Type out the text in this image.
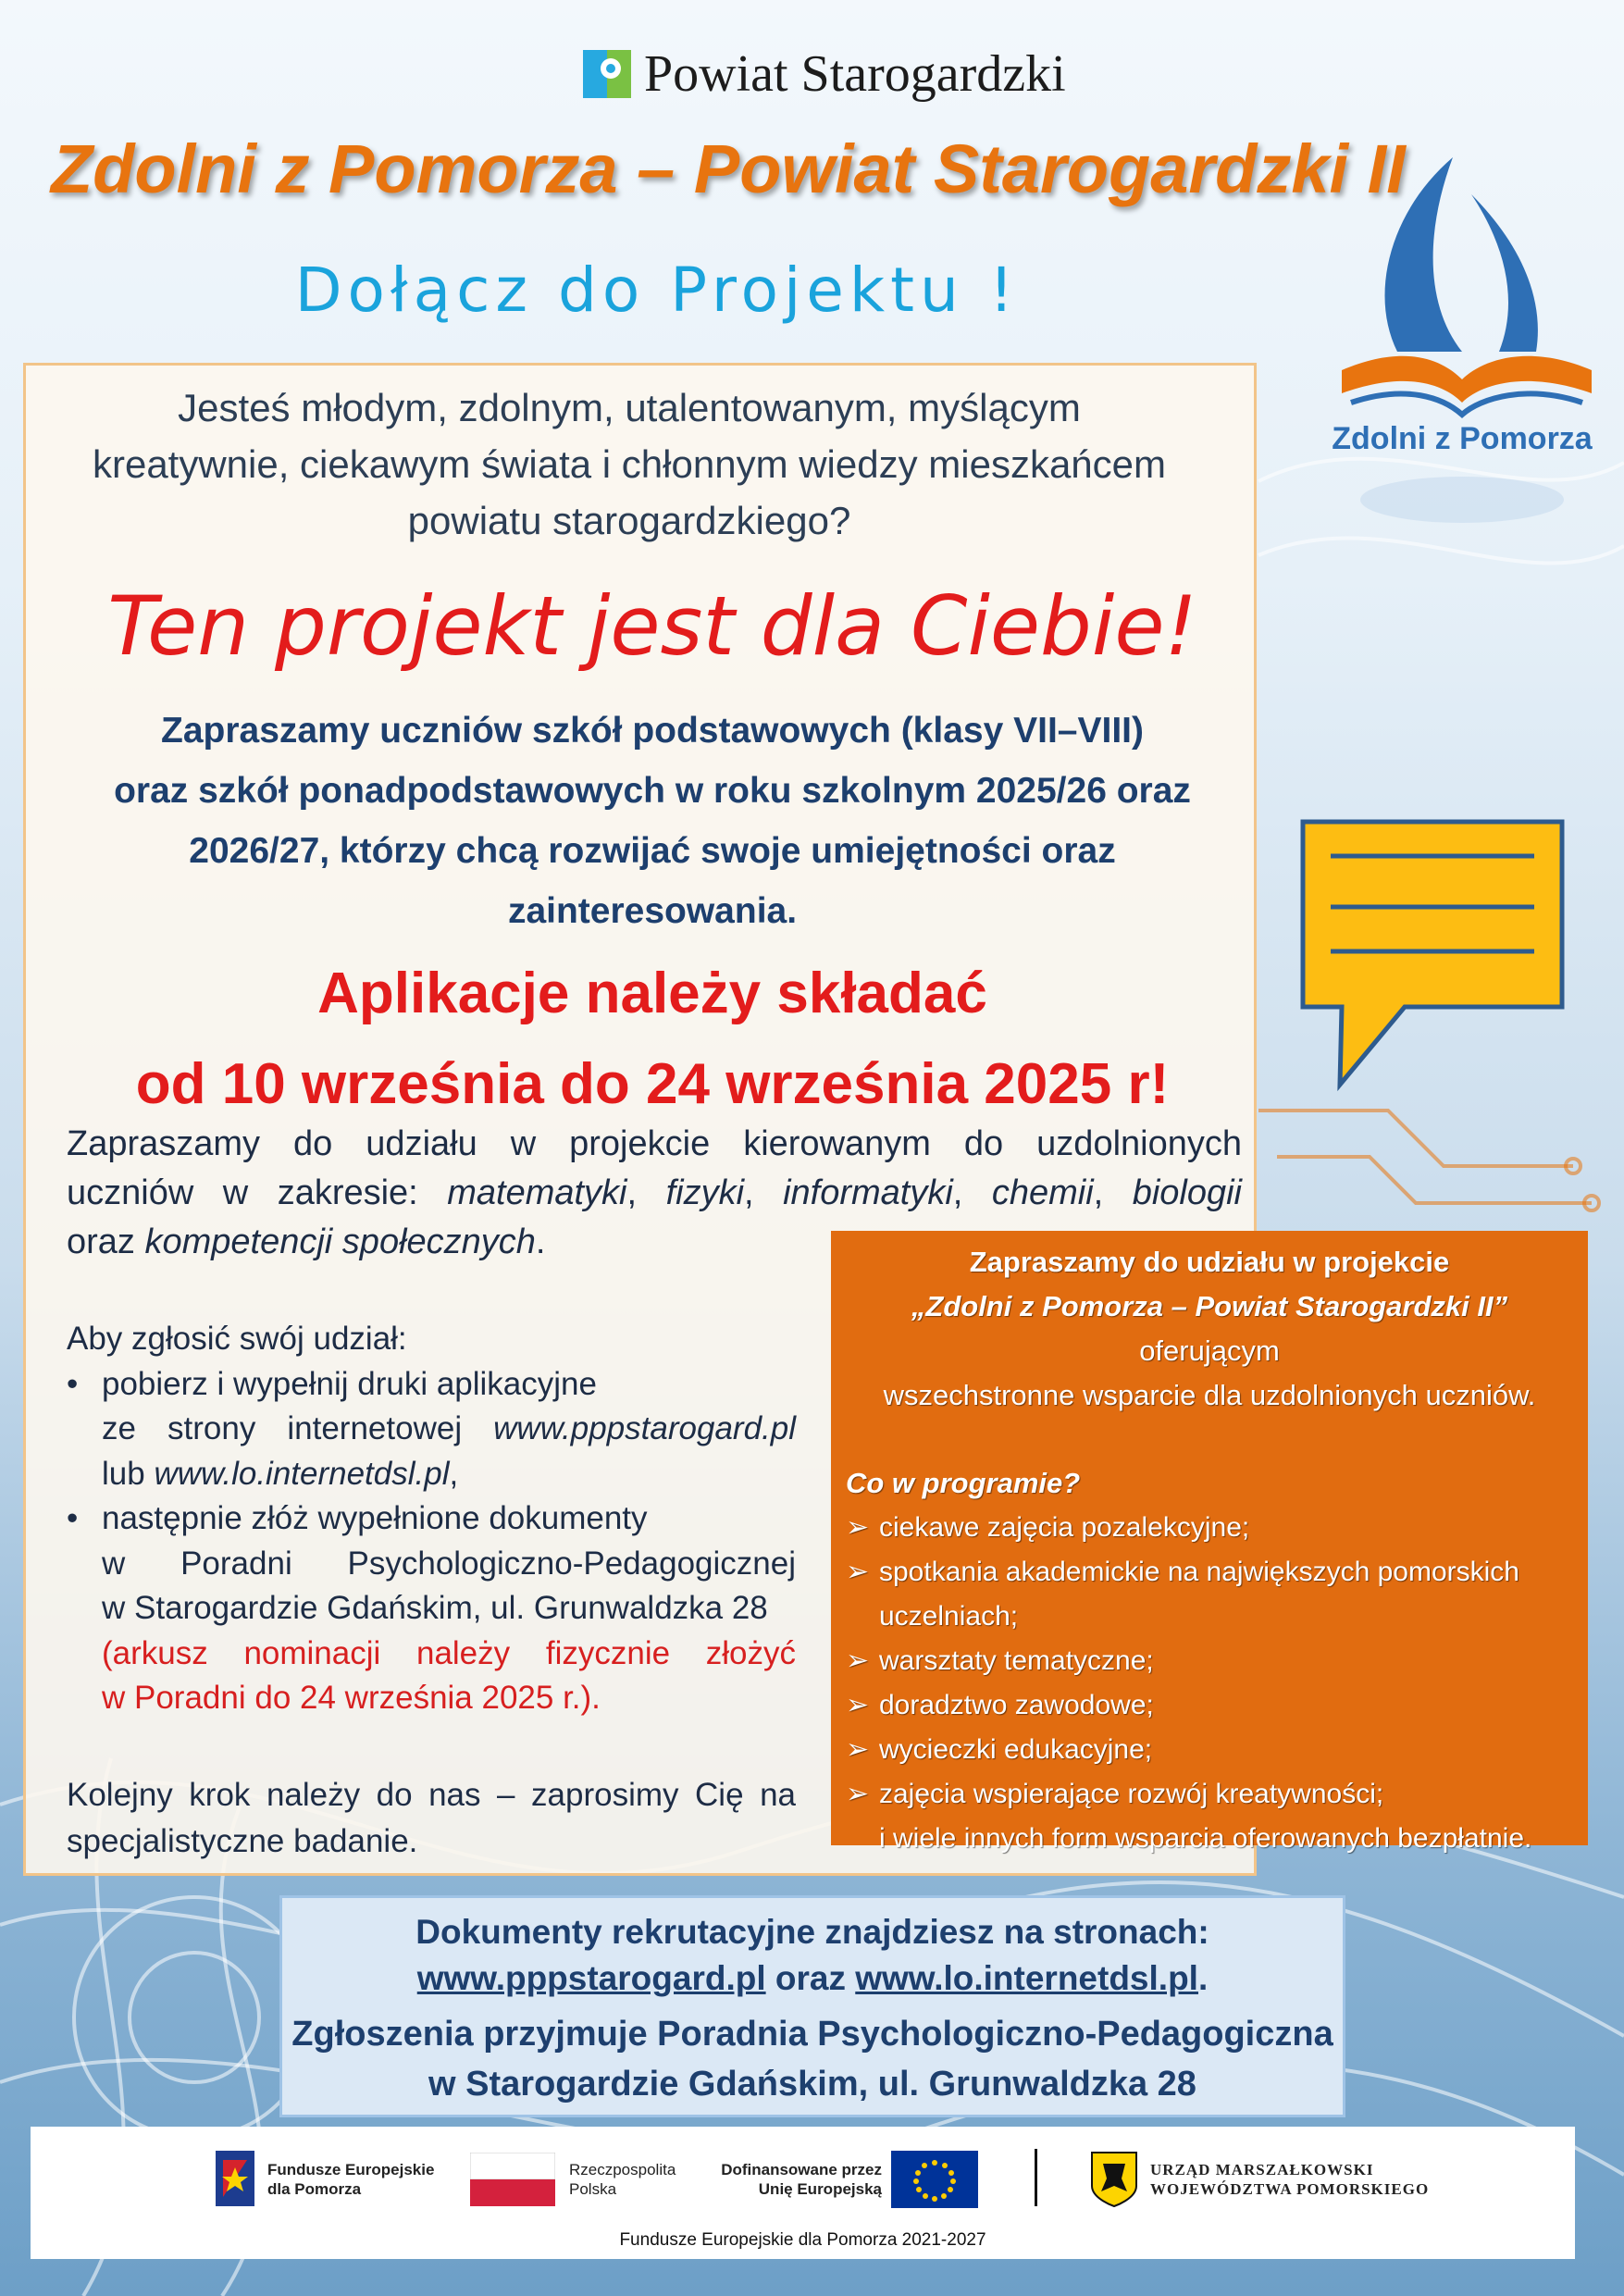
Powiat Starogardzki
Zdolni z Pomorza – Powiat Starogardzki II
Dołącz do Projektu !
Zdolni z Pomorza
Jesteś młodym, zdolnym, utalentowanym, myślącym
kreatywnie, ciekawym świata i chłonnym wiedzy mieszkańcem
powiatu starogardzkiego?
Ten projekt jest dla Ciebie!
Zapraszamy uczniów szkół podstawowych (klasy VII–VIII)
oraz szkół ponadpodstawowych w roku szkolnym 2025/26 oraz
2026/27, którzy chcą rozwijać swoje umiejętności oraz
zainteresowania.
Aplikacje należy składać
od 10 września do 24 września 2025 r!
Zapraszamy do udziału w projekcie kierowanym do uzdolnionych
uczniów w zakresie: matematyki, fizyki, informatyki, chemii, biologii
oraz kompetencji społecznych.
Aby zgłosić swój udział:
• pobierz i wypełnij druki aplikacyjne
ze strony internetowej www.pppstarogard.pl
lub www.lo.internetdsl.pl,
• następnie złóż wypełnione dokumenty
w Poradni Psychologiczno-Pedagogicznej
w Starogardzie Gdańskim, ul. Grunwaldzka 28
(arkusz nominacji należy fizycznie złożyć
w Poradni do 24 września 2025 r.).
Kolejny krok należy do nas – zaprosimy Cię na
specjalistyczne badanie.
Zapraszamy do udziału w projekcie
„Zdolni z Pomorza – Powiat Starogardzki II” oferującym
wszechstronne wsparcie dla uzdolnionych uczniów.
Co w programie?
➢ ciekawe zajęcia pozalekcyjne;
➢ spotkania akademickie na największych pomorskich
uczelniach;
➢ warsztaty tematyczne;
➢ doradztwo zawodowe;
➢ wycieczki edukacyjne;
➢ zajęcia wspierające rozwój kreatywności;
i wiele innych form wsparcia oferowanych bezpłatnie.
Dokumenty rekrutacyjne znajdziesz na stronach:
www.pppstarogard.pl oraz www.lo.internetdsl.pl.
Zgłoszenia przyjmuje Poradnia Psychologiczno-Pedagogiczna
w Starogardzie Gdańskim, ul. Grunwaldzka 28
Fundusze Europejskie
dla Pomorza
Rzeczpospolita
Polska
Dofinansowane przez
Unię Europejską
URZĄD MARSZAŁKOWSKI
WOJEWÓDZTWA POMORSKIEGO
Fundusze Europejskie dla Pomorza 2021-2027
